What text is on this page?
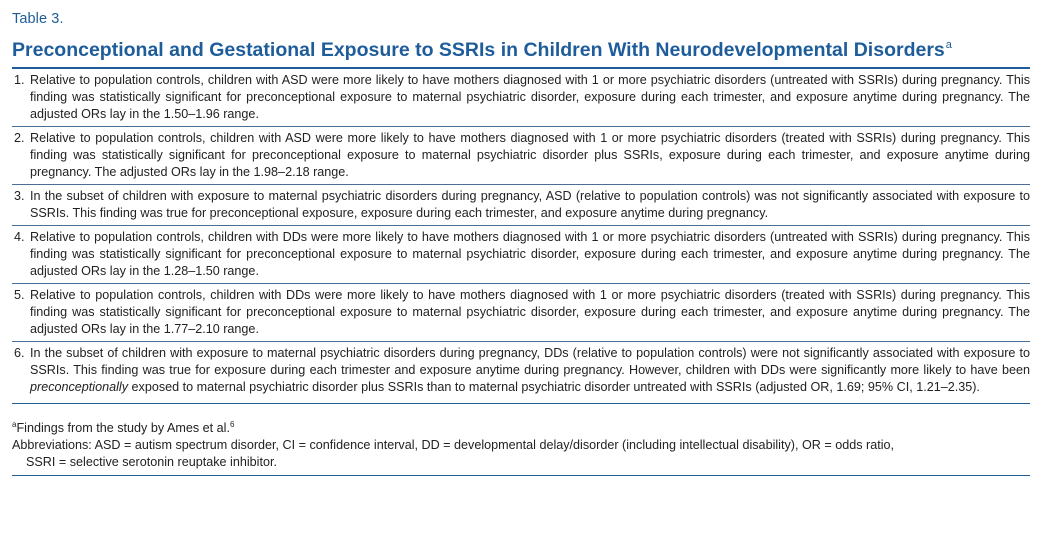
Table 3.
Preconceptional and Gestational Exposure to SSRIs in Children With Neurodevelopmental Disorders$^a$
1. Relative to population controls, children with ASD were more likely to have mothers diagnosed with 1 or more psychiatric disorders (untreated with SSRIs) during pregnancy. This finding was statistically significant for preconceptional exposure to maternal psychiatric disorder, exposure during each trimester, and exposure anytime during pregnancy. The adjusted ORs lay in the 1.50–1.96 range.
2. Relative to population controls, children with ASD were more likely to have mothers diagnosed with 1 or more psychiatric disorders (treated with SSRIs) during pregnancy. This finding was statistically significant for preconceptional exposure to maternal psychiatric disorder plus SSRIs, exposure during each trimester, and exposure anytime during pregnancy. The adjusted ORs lay in the 1.98–2.18 range.
3. In the subset of children with exposure to maternal psychiatric disorders during pregnancy, ASD (relative to population controls) was not significantly associated with exposure to SSRIs. This finding was true for preconceptional exposure, exposure during each trimester, and exposure anytime during pregnancy.
4. Relative to population controls, children with DDs were more likely to have mothers diagnosed with 1 or more psychiatric disorders (untreated with SSRIs) during pregnancy. This finding was statistically significant for preconceptional exposure to maternal psychiatric disorder, exposure during each trimester, and exposure anytime during pregnancy. The adjusted ORs lay in the 1.28–1.50 range.
5. Relative to population controls, children with DDs were more likely to have mothers diagnosed with 1 or more psychiatric disorders (treated with SSRIs) during pregnancy. This finding was statistically significant for preconceptional exposure to maternal psychiatric disorder, exposure during each trimester, and exposure anytime during pregnancy. The adjusted ORs lay in the 1.77–2.10 range.
6. In the subset of children with exposure to maternal psychiatric disorders during pregnancy, DDs (relative to population controls) were not significantly associated with exposure to SSRIs. This finding was true for exposure during each trimester and exposure anytime during pregnancy. However, children with DDs were significantly more likely to have been preconceptionally exposed to maternal psychiatric disorder plus SSRIs than to maternal psychiatric disorder untreated with SSRIs (adjusted OR, 1.69; 95% CI, 1.21–2.35).
$^a$Findings from the study by Ames et al.$^6$
Abbreviations: ASD = autism spectrum disorder, CI = confidence interval, DD = developmental delay/disorder (including intellectual disability), OR = odds ratio,
SSRI = selective serotonin reuptake inhibitor.
